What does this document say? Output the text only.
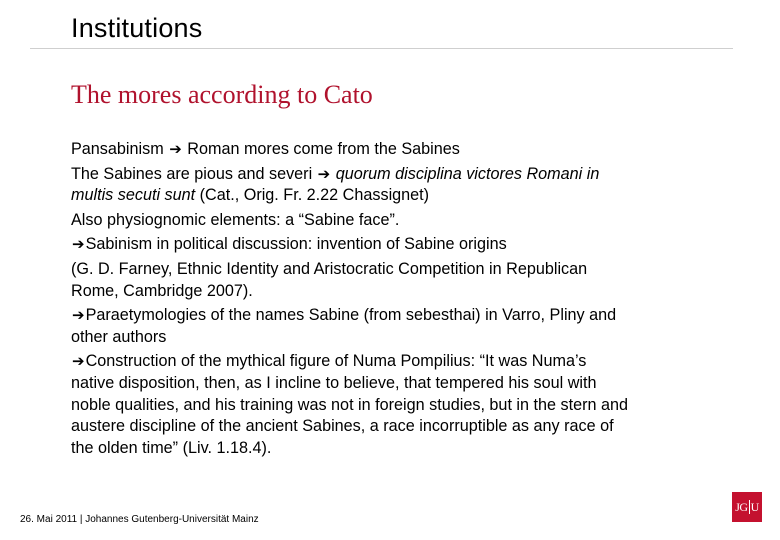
Institutions
The mores according to Cato

Pansabinism ➔ Roman mores come from the Sabines

The Sabines are pious and severi ➔ quorum disciplina victores Romani in multis secuti sunt (Cat., Orig. Fr. 2.22 Chassignet)

Also physiognomic elements: a “Sabine face”.

➔Sabinism in political discussion: invention of Sabine origins

(G. D. Farney, Ethnic Identity and Aristocratic Competition in Republican Rome, Cambridge 2007).

➔Paraetymologies of the names Sabine (from sebesthai) in Varro, Pliny and other authors

➔Construction of the mythical figure of Numa Pompilius: “It was Numa’s native disposition, then, as I incline to believe, that tempered his soul with noble qualities, and his training was not in foreign studies, but in the stern and austere discipline of the ancient Sabines, a race incorruptible as any race of the olden time” (Liv. 1.18.4).

26. Mai 2011 | Johannes Gutenberg-Universität Mainz
JG U
